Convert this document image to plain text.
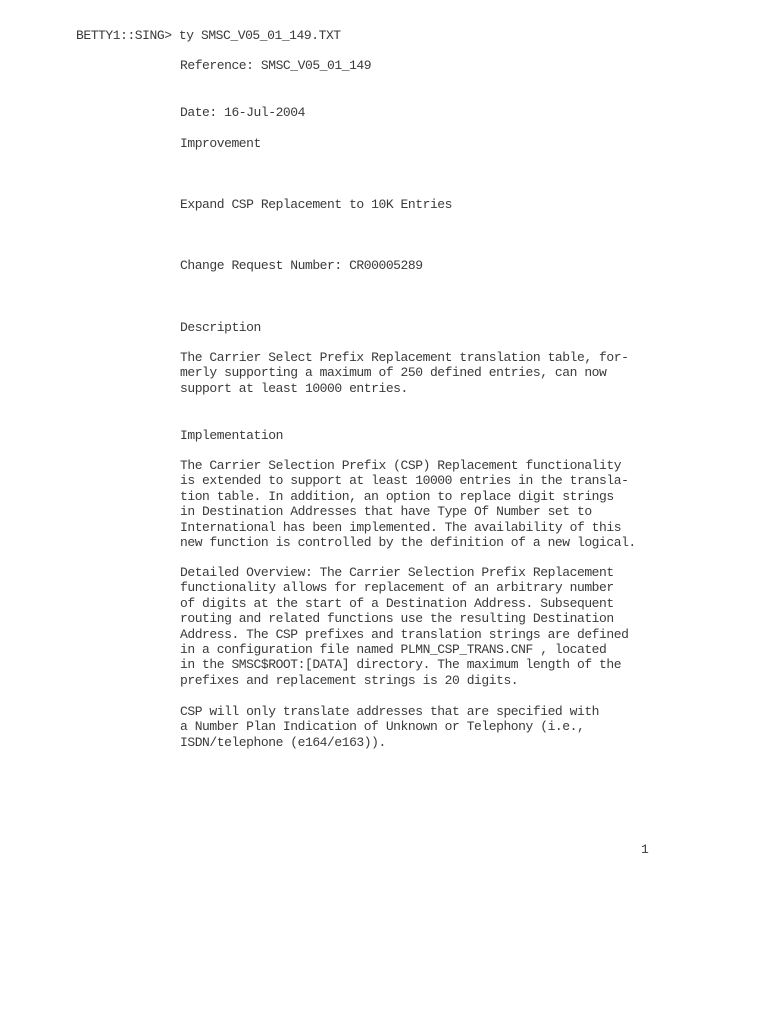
BETTY1::SING> ty SMSC_V05_01_149.TXT

Reference: SMSC_V05_01_149

Date: 16-Jul-2004

Improvement

Expand CSP Replacement to 10K Entries

Change Request Number: CR00005289

Description

The Carrier Select Prefix Replacement translation table, for-
merly supporting a maximum of 250 defined entries, can now
support at least 10000 entries.

Implementation

The Carrier Selection Prefix (CSP) Replacement functionality
is extended to support at least 10000 entries in the transla-
tion table. In addition, an option to replace digit strings
in Destination Addresses that have Type Of Number set to
International has been implemented. The availability of this
new function is controlled by the definition of a new logical.
Detailed Overview: The Carrier Selection Prefix Replacement
functionality allows for replacement of an arbitrary number
of digits at the start of a Destination Address. Subsequent
routing and related functions use the resulting Destination
Address. The CSP prefixes and translation strings are defined
in a configuration file named PLMN_CSP_TRANS.CNF , located
in the SMSC$ROOT:[DATA] directory. The maximum length of the
prefixes and replacement strings is 20 digits.
CSP will only translate addresses that are specified with
a Number Plan Indication of Unknown or Telephony (i.e.,
ISDN/telephone (e164/e163)).
1
